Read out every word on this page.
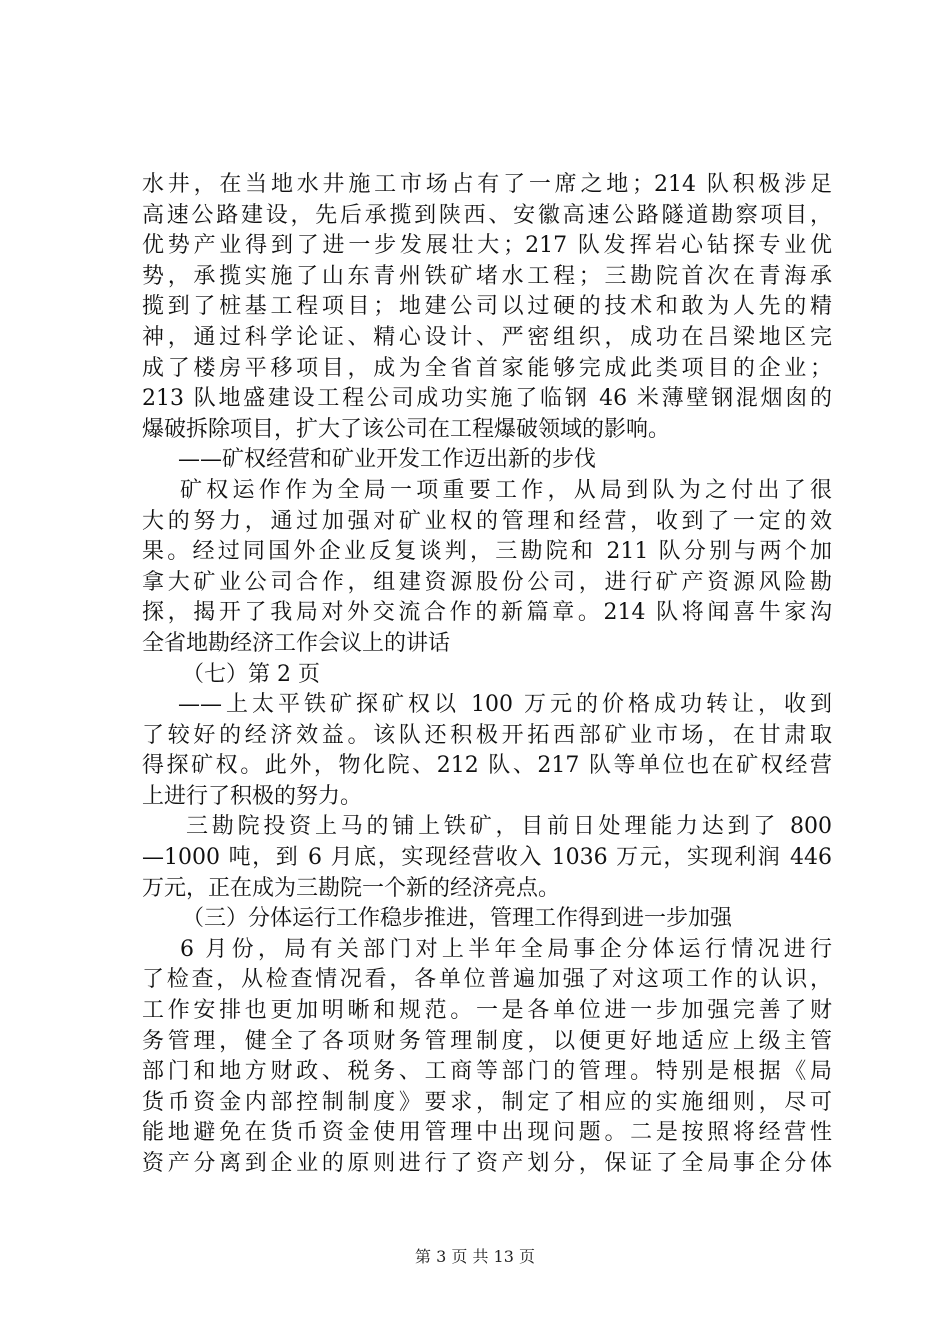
水井，在当地水井施工市场占有了一席之地；214 队积极涉足
高速公路建设，先后承揽到陕西、安徽高速公路隧道勘察项目，
优势产业得到了进一步发展壮大；217 队发挥岩心钻探专业优
势，承揽实施了山东青州铁矿堵水工程；三勘院首次在青海承
揽到了桩基工程项目；地建公司以过硬的技术和敢为人先的精
神，通过科学论证、精心设计、严密组织，成功在吕梁地区完
成了楼房平移项目，成为全省首家能够完成此类项目的企业；
213 队地盛建设工程公司成功实施了临钢 46 米薄壁钢混烟囱的
爆破拆除项目，扩大了该公司在工程爆破领域的影响。
——矿权经营和矿业开发工作迈出新的步伐
矿权运作作为全局一项重要工作，从局到队为之付出了很
大的努力，通过加强对矿业权的管理和经营，收到了一定的效
果。经过同国外企业反复谈判，三勘院和 211 队分别与两个加
拿大矿业公司合作，组建资源股份公司，进行矿产资源风险勘
探，揭开了我局对外交流合作的新篇章。214 队将闻喜牛家沟
全省地勘经济工作会议上的讲话
（七）第 2 页
——上太平铁矿探矿权以 100 万元的价格成功转让，收到
了较好的经济效益。该队还积极开拓西部矿业市场，在甘肃取
得探矿权。此外，物化院、212 队、217 队等单位也在矿权经营
上进行了积极的努力。
三勘院投资上马的铺上铁矿，目前日处理能力达到了 800
—1000 吨，到 6 月底，实现经营收入 1036 万元，实现利润 446
万元，正在成为三勘院一个新的经济亮点。
（三）分体运行工作稳步推进，管理工作得到进一步加强
6 月份，局有关部门对上半年全局事企分体运行情况进行
了检查，从检查情况看，各单位普遍加强了对这项工作的认识，
工作安排也更加明晰和规范。一是各单位进一步加强完善了财
务管理，健全了各项财务管理制度，以便更好地适应上级主管
部门和地方财政、税务、工商等部门的管理。特别是根据《局
货币资金内部控制制度》要求，制定了相应的实施细则，尽可
能地避免在货币资金使用管理中出现问题。二是按照将经营性
资产分离到企业的原则进行了资产划分，保证了全局事企分体
第 3 页 共 13 页
